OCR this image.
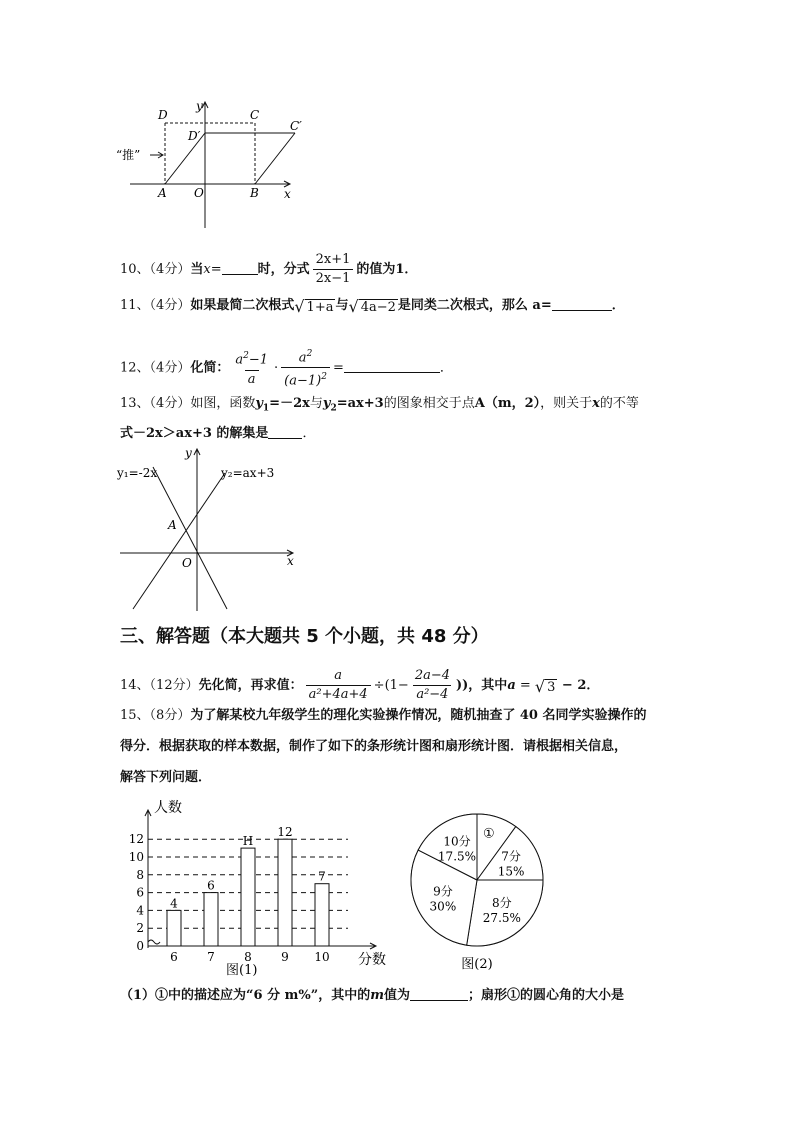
D	C
D′
C′
A O	B x
y
“推”
10、（4分）当x=	时，分式 $\frac{2x+1}{2x-1}$ 的值为1．
11、（4分）如果最简二次根式 √ 1+a 与 √ 4a−2 是同类二次根式，那么 a=	．
12、（4分）化简： $\frac{a^2-1}{a} \cdot \frac{a^2}{(a-1)^2}$ =	．
13、（4分）如图，函数$y_1=-2x$与$y_2=ax+3$的图象相交于点A（m，2），则关于x的不等
式－2x＞ax+3 的解集是	．
y₁=-2x	y₂=ax+3
A
O	x
y
三、解答题（本大题共 5 个小题，共 48 分）
14、（12分）先化简，再求值： $\frac{a}{\text{a²+4a+4}} \div(1- \frac{2a-4}{\text{a²−4}}$ ))，其中a = √ 3 − 2．
15、（8分）为了解某校九年级学生的理化实验操作情况，随机抽查了 40 名同学实验操作的
得分．根据获取的样本数据，制作了如下的条形统计图和扇形统计图．请根据相关信息，
解答下列问题．
人数
0
2
4
6
8
10
12
4
6
6
7
H
8
12
9
7
10 分数
图(1)
①
7分
15%
8分
27.5%
9分
30%
10分
17.5%
图(2)
（1）①中的描述应为“6 分 m%”，其中的m值为	；扇形①的圆心角的大小是
